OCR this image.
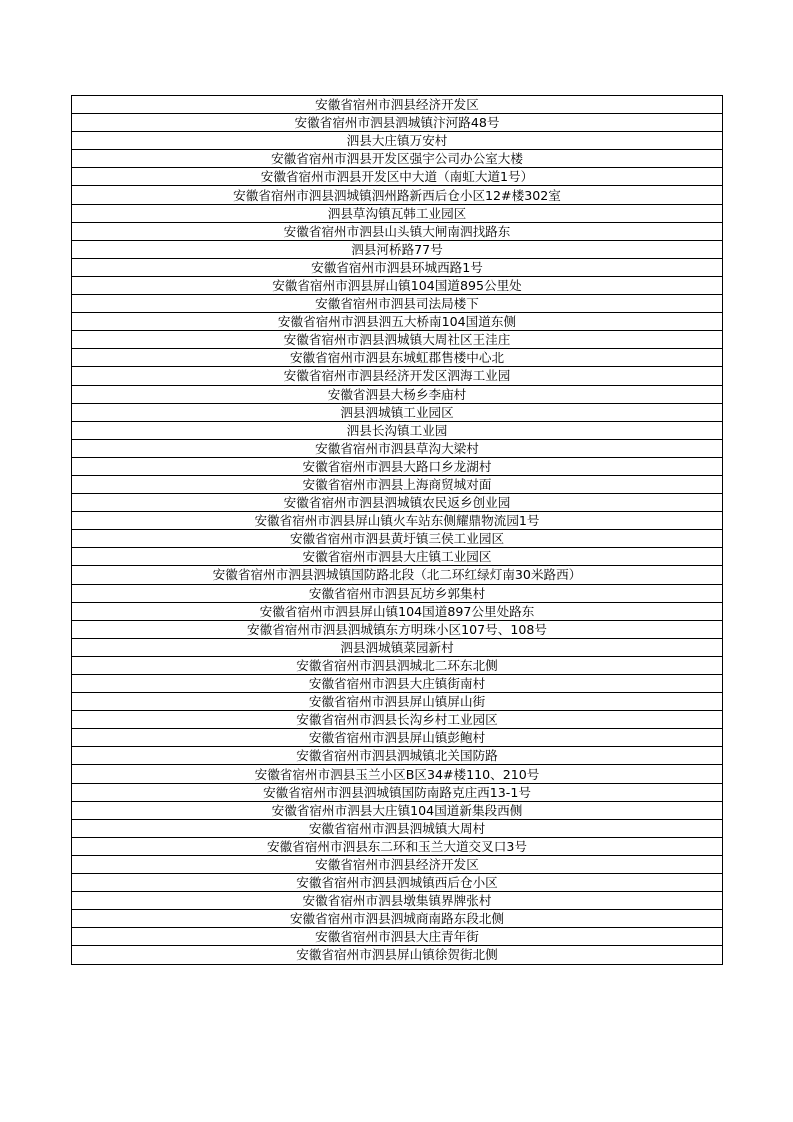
安徽省宿州市泗县经济开发区
安徽省宿州市泗县泗城镇汴河路48号
泗县大庄镇万安村
安徽省宿州市泗县开发区强宇公司办公室大楼
安徽省宿州市泗县开发区中大道（南虹大道1号）
安徽省宿州市泗县泗城镇泗州路新西后仓小区12#楼302室
泗县草沟镇瓦韩工业园区
安徽省宿州市泗县山头镇大闸南泗找路东
泗县河桥路77号
安徽省宿州市泗县环城西路1号
安徽省宿州市泗县屏山镇104国道895公里处
安徽省宿州市泗县司法局楼下
安徽省宿州市泗县泗五大桥南104国道东侧
安徽省宿州市泗县泗城镇大周社区王洼庄
安徽省宿州市泗县东城虹郡售楼中心北
安徽省宿州市泗县经济开发区泗海工业园
安徽省泗县大杨乡李庙村
泗县泗城镇工业园区
泗县长沟镇工业园
安徽省宿州市泗县草沟大梁村
安徽省宿州市泗县大路口乡龙湖村
安徽省宿州市泗县上海商贸城对面
安徽省宿州市泗县泗城镇农民返乡创业园
安徽省宿州市泗县屏山镇火车站东侧耀鼎物流园1号
安徽省宿州市泗县黄圩镇三侯工业园区
安徽省宿州市泗县大庄镇工业园区
安徽省宿州市泗县泗城镇国防路北段（北二环红绿灯南30米路西）
安徽省宿州市泗县瓦坊乡郭集村
安徽省宿州市泗县屏山镇104国道897公里处路东
安徽省宿州市泗县泗城镇东方明珠小区107号、108号
泗县泗城镇菜园新村
安徽省宿州市泗县泗城北二环东北侧
安徽省宿州市泗县大庄镇街南村
安徽省宿州市泗县屏山镇屏山街
安徽省宿州市泗县长沟乡村工业园区
安徽省宿州市泗县屏山镇彭鲍村
安徽省宿州市泗县泗城镇北关国防路
安徽省宿州市泗县玉兰小区B区34#楼110、210号
安徽省宿州市泗县泗城镇国防南路克庄西13-1号
安徽省宿州市泗县大庄镇104国道新集段西侧
安徽省宿州市泗县泗城镇大周村
安徽省宿州市泗县东二环和玉兰大道交叉口3号
安徽省宿州市泗县经济开发区
安徽省宿州市泗县泗城镇西后仓小区
安徽省宿州市泗县墩集镇界牌张村
安徽省宿州市泗县泗城商南路东段北侧
安徽省宿州市泗县大庄青年街
安徽省宿州市泗县屏山镇徐贺街北侧
